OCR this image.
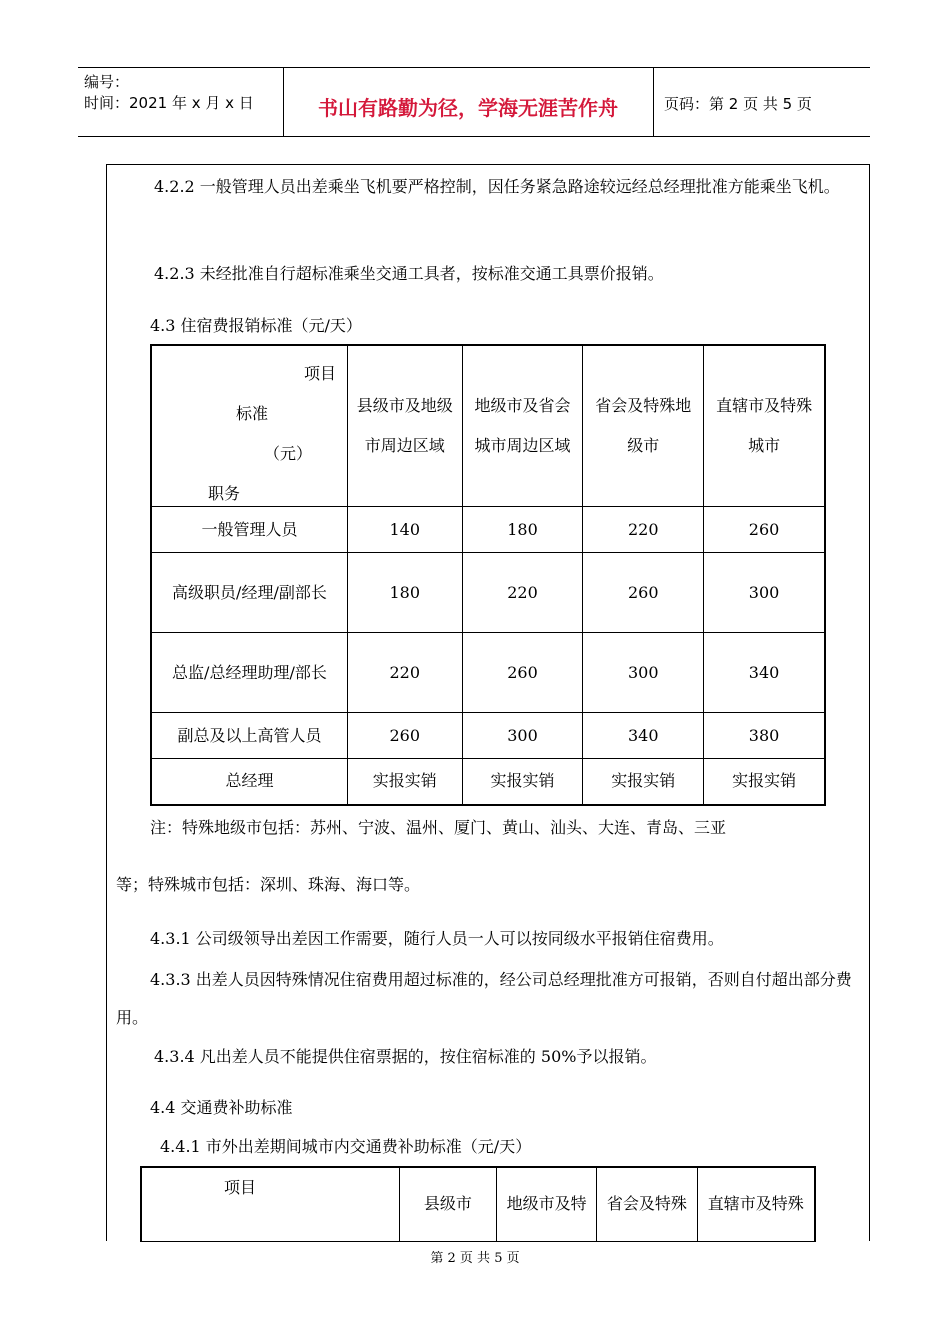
编号：
时间：2021 年 x 月 x 日	书山有路勤为径，学海无涯苦作舟	页码：第 2 页 共 5 页
4.2.2 一般管理人员出差乘坐飞机要严格控制，因任务紧急路途较远经总经理批准方能乘坐飞机。
4.2.3 未经批准自行超标准乘坐交通工具者，按标准交通工具票价报销。
4.3 住宿费报销标准（元/天）
项目
标准
（元）
职务	县级市及地级市周边区域	地级市及省会城市周边区域	省会及特殊地级市	直辖市及特殊城市
一般管理人员	140	180	220	260
高级职员/经理/副部长	180	220	260	300
总监/总经理助理/部长	220	260	300	340
副总及以上高管人员	260	300	340	380
总经理	实报实销	实报实销	实报实销	实报实销
注：特殊地级市包括：苏州、宁波、温州、厦门、黄山、汕头、大连、青岛、三亚
等；特殊城市包括：深圳、珠海、海口等。
4.3.1 公司级领导出差因工作需要，随行人员一人可以按同级水平报销住宿费用。
4.3.3 出差人员因特殊情况住宿费用超过标准的，经公司总经理批准方可报销，否则自付超出部分费用。
4.3.4 凡出差人员不能提供住宿票据的，按住宿标准的 50%予以报销。
4.4 交通费补助标准
4.4.1 市外出差期间城市内交通费补助标准（元/天）
项目	县级市	地级市及特	省会及特殊	直辖市及特殊
第 2 页 共 5 页
